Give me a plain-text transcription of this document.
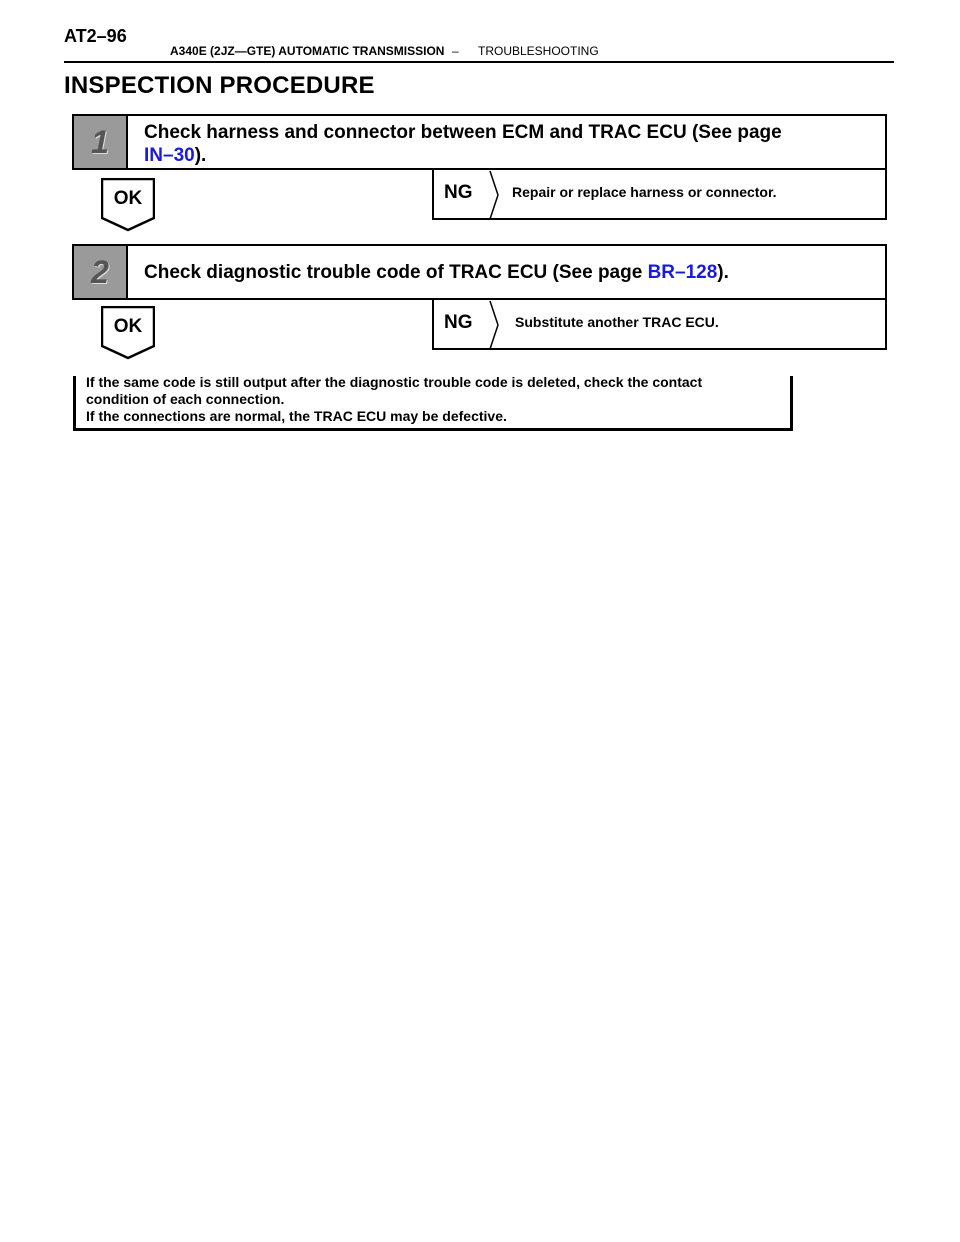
AT2–96
A340E (2JZ—GTE) AUTOMATIC TRANSMISSION – TROUBLESHOOTING
INSPECTION PROCEDURE
1 Check harness and connector between ECM and TRAC ECU (See page
IN–30).
OK	NG	Repair or replace harness or connector.
2 Check diagnostic trouble code of TRAC ECU (See page BR–128).
OK	NG	Substitute another TRAC ECU.
If the same code is still output after the diagnostic trouble code is deleted, check the contact
condition of each connection.
If the connections are normal, the TRAC ECU may be defective.
